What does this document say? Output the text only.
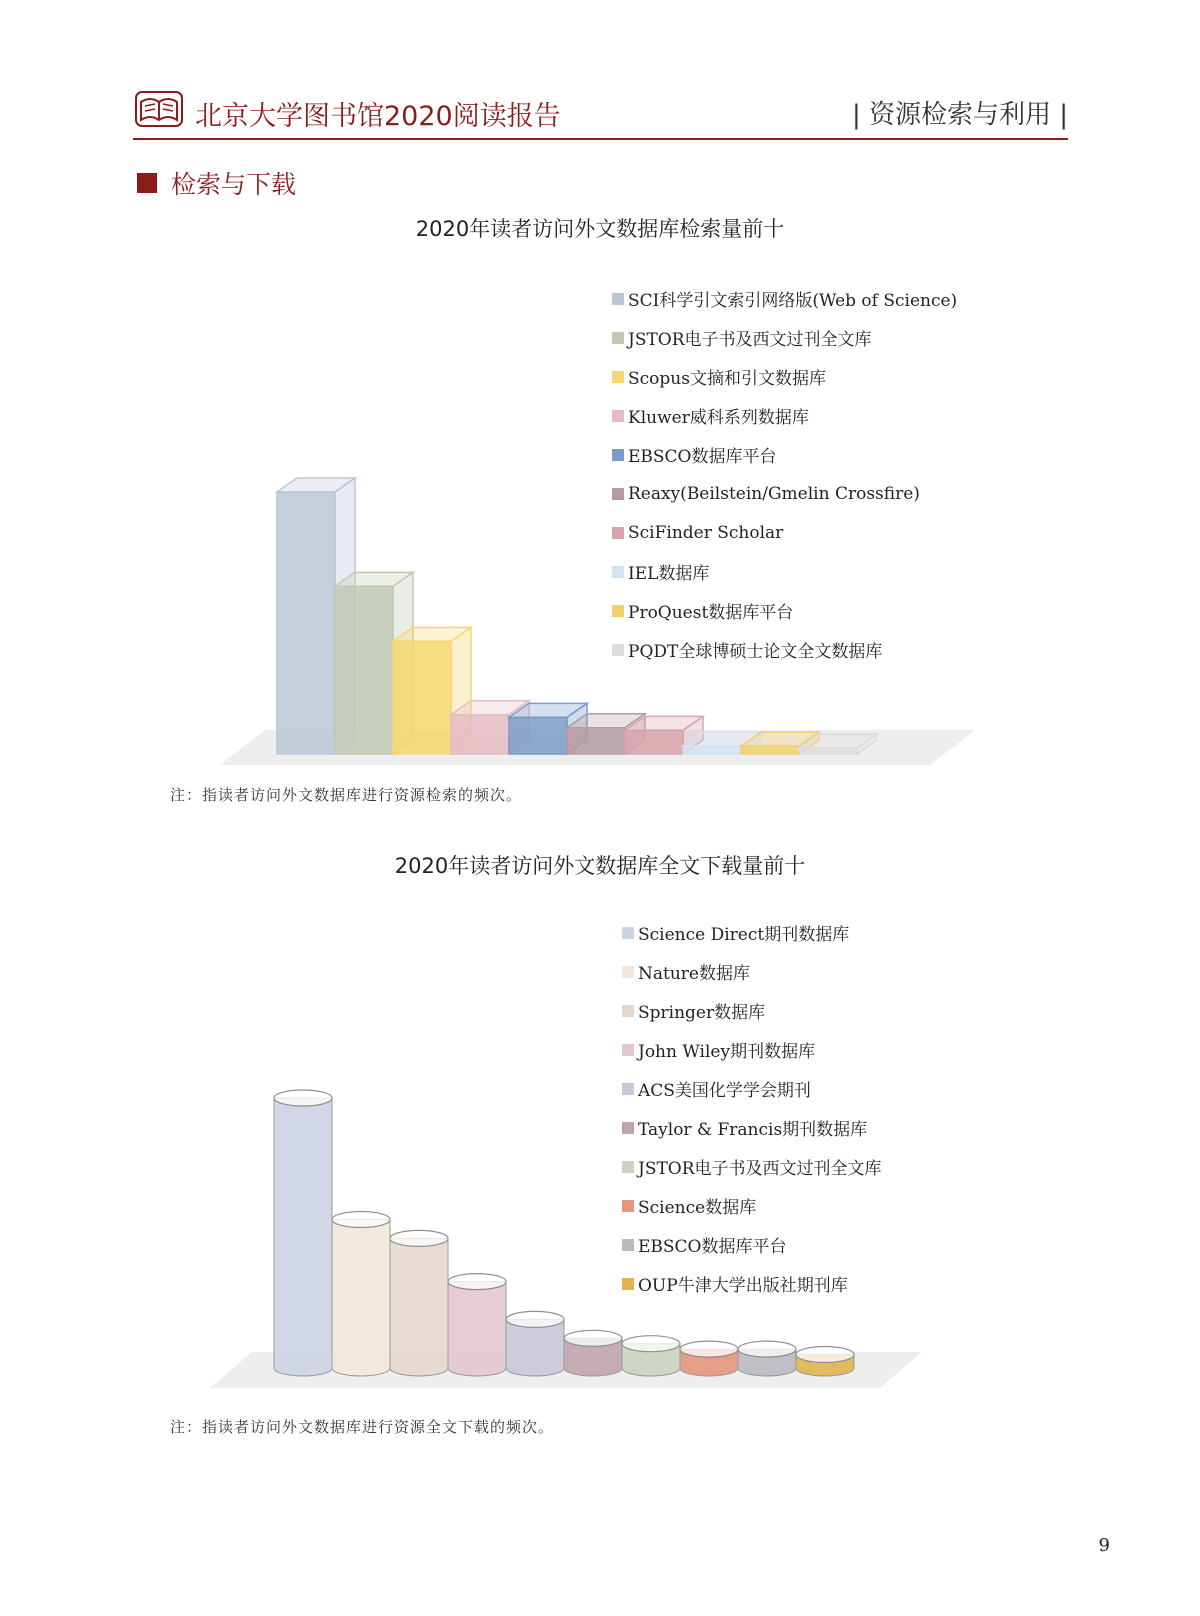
北京大学图书馆2020阅读报告	| 资源检索与利用 |
检索与下载
2020年读者访问外文数据库检索量前十
SCI科学引文索引网络版(Web of Science)
JSTOR电子书及西文过刊全文库
Scopus文摘和引文数据库
Kluwer威科系列数据库
EBSCO数据库平台
Reaxy(Beilstein/Gmelin Crossfire)
SciFinder Scholar
IEL数据库
ProQuest数据库平台
PQDT全球博硕士论文全文数据库
注：指读者访问外文数据库进行资源检索的频次。
2020年读者访问外文数据库全文下载量前十
Science Direct期刊数据库
Nature数据库
Springer数据库
John Wiley期刊数据库
ACS美国化学学会期刊
Taylor & Francis期刊数据库
JSTOR电子书及西文过刊全文库
Science数据库
EBSCO数据库平台
OUP牛津大学出版社期刊库
注：指读者访问外文数据库进行资源全文下载的频次。
9
